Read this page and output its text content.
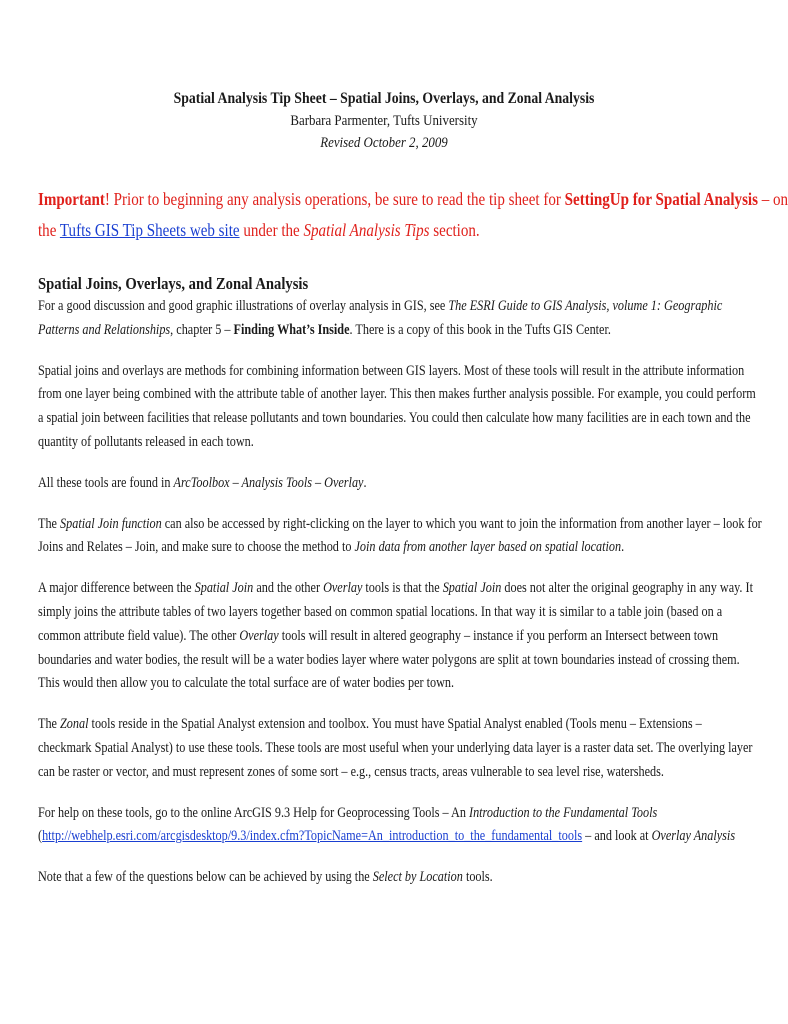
Spatial Analysis Tip Sheet – Spatial Joins, Overlays, and Zonal Analysis
Barbara Parmenter, Tufts University
Revised October 2, 2009
Important! Prior to beginning any analysis operations, be sure to read the tip sheet for SettingUp for Spatial Analysis – on
the Tufts GIS Tip Sheets web site under the Spatial Analysis Tips section.
Spatial Joins, Overlays, and Zonal Analysis
For a good discussion and good graphic illustrations of overlay analysis in GIS, see The ESRI Guide to GIS Analysis, volume 1: Geographic
Patterns and Relationships, chapter 5 – Finding What’s Inside. There is a copy of this book in the Tufts GIS Center.
Spatial joins and overlays are methods for combining information between GIS layers. Most of these tools will result in the attribute information
from one layer being combined with the attribute table of another layer. This then makes further analysis possible. For example, you could perform
a spatial join between facilities that release pollutants and town boundaries. You could then calculate how many facilities are in each town and the
quantity of pollutants released in each town.
All these tools are found in ArcToolbox – Analysis Tools – Overlay.
The Spatial Join function can also be accessed by right-clicking on the layer to which you want to join the information from another layer – look for
Joins and Relates – Join, and make sure to choose the method to Join data from another layer based on spatial location.
A major difference between the Spatial Join and the other Overlay tools is that the Spatial Join does not alter the original geography in any way. It
simply joins the attribute tables of two layers together based on common spatial locations. In that way it is similar to a table join (based on a
common attribute field value). The other Overlay tools will result in altered geography – instance if you perform an Intersect between town
boundaries and water bodies, the result will be a water bodies layer where water polygons are split at town boundaries instead of crossing them.
This would then allow you to calculate the total surface are of water bodies per town.
The Zonal tools reside in the Spatial Analyst extension and toolbox. You must have Spatial Analyst enabled (Tools menu – Extensions –
checkmark Spatial Analyst) to use these tools. These tools are most useful when your underlying data layer is a raster data set. The overlying layer
can be raster or vector, and must represent zones of some sort – e.g., census tracts, areas vulnerable to sea level rise, watersheds.
For help on these tools, go to the online ArcGIS 9.3 Help for Geoprocessing Tools – An Introduction to the Fundamental Tools
(http://webhelp.esri.com/arcgisdesktop/9.3/index.cfm?TopicName=An_introduction_to_the_fundamental_tools – and look at Overlay Analysis
Note that a few of the questions below can be achieved by using the Select by Location tools.
